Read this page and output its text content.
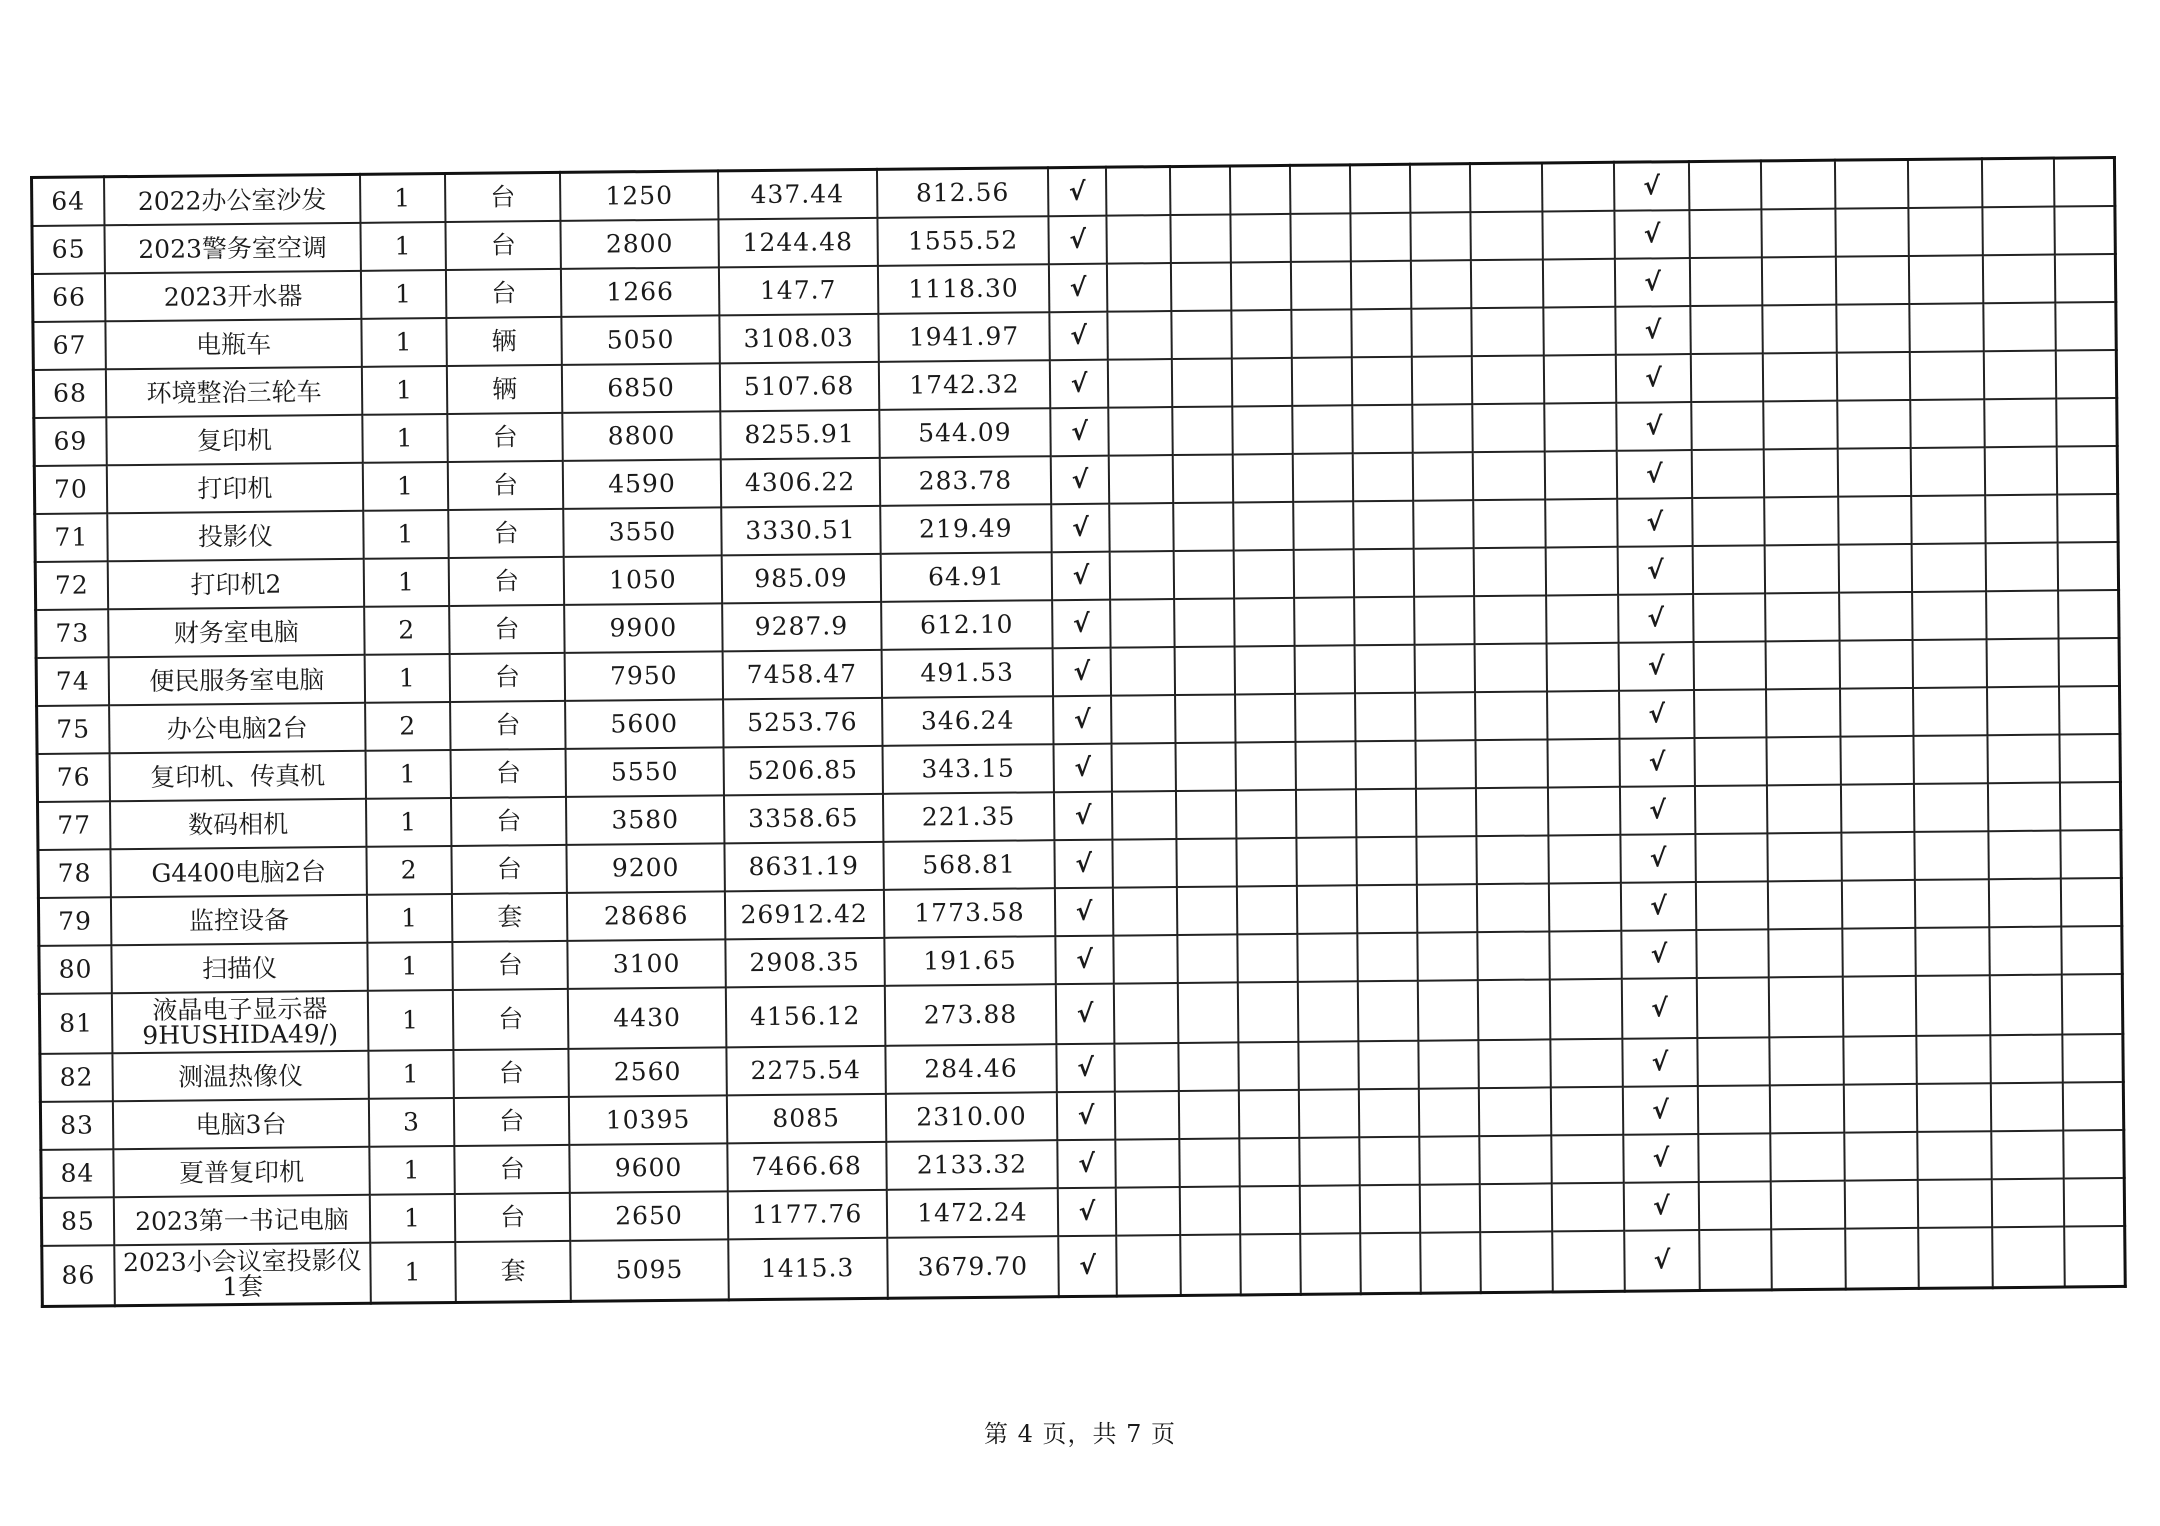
64	2022办公室沙发	1	台	1250	437.44	812.56	√									√						
65	2023警务室空调	1	台	2800	1244.48	1555.52	√									√						
66	2023开水器	1	台	1266	147.7	1118.30	√									√						
67	电瓶车	1	辆	5050	3108.03	1941.97	√									√						
68	环境整治三轮车	1	辆	6850	5107.68	1742.32	√									√						
69	复印机	1	台	8800	8255.91	544.09	√									√						
70	打印机	1	台	4590	4306.22	283.78	√									√						
71	投影仪	1	台	3550	3330.51	219.49	√									√						
72	打印机2	1	台	1050	985.09	64.91	√									√						
73	财务室电脑	2	台	9900	9287.9	612.10	√									√						
74	便民服务室电脑	1	台	7950	7458.47	491.53	√									√						
75	办公电脑2台	2	台	5600	5253.76	346.24	√									√						
76	复印机、传真机	1	台	5550	5206.85	343.15	√									√						
77	数码相机	1	台	3580	3358.65	221.35	√									√						
78	G4400电脑2台	2	台	9200	8631.19	568.81	√									√						
79	监控设备	1	套	28686	26912.42	1773.58	√									√						
80	扫描仪	1	台	3100	2908.35	191.65	√									√						
81	液晶电子显示器 9HUSHIDA49/)	1	台	4430	4156.12	273.88	√									√						
82	测温热像仪	1	台	2560	2275.54	284.46	√									√						
83	电脑3台	3	台	10395	8085	2310.00	√									√						
84	夏普复印机	1	台	9600	7466.68	2133.32	√									√						
85	2023第一书记电脑	1	台	2650	1177.76	1472.24	√									√						
86	2023小会议室投影仪 1套	1	套	5095	1415.3	3679.70	√									√						
第 4 页，共 7 页
